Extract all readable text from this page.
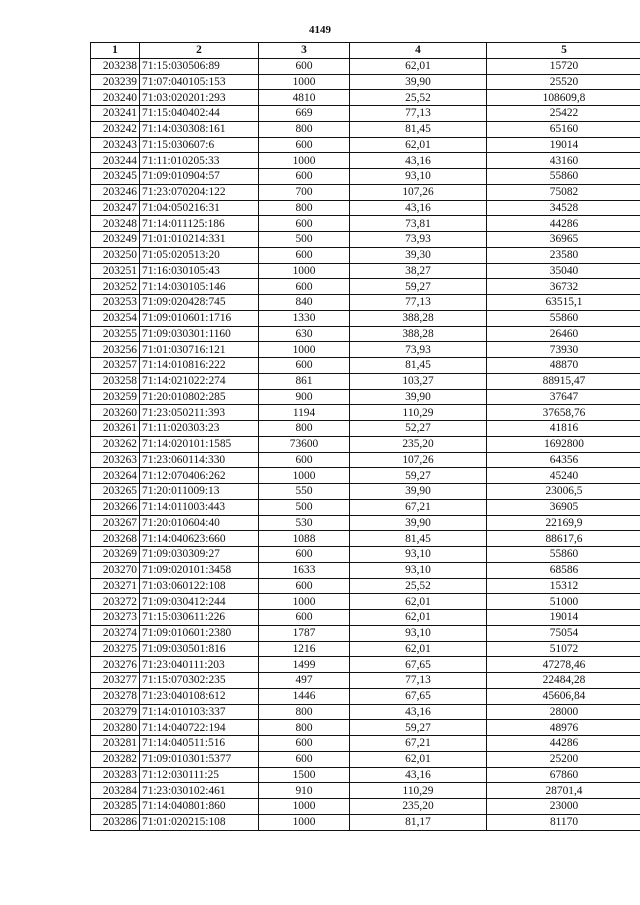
4149
1	2	3	4	5
203238	71:15:030506:89	600	62,01	15720
203239	71:07:040105:153	1000	39,90	25520
203240	71:03:020201:293	4810	25,52	108609,8
203241	71:15:040402:44	669	77,13	25422
203242	71:14:030308:161	800	81,45	65160
203243	71:15:030607:6	600	62,01	19014
203244	71:11:010205:33	1000	43,16	43160
203245	71:09:010904:57	600	93,10	55860
203246	71:23:070204:122	700	107,26	75082
203247	71:04:050216:31	800	43,16	34528
203248	71:14:011125:186	600	73,81	44286
203249	71:01:010214:331	500	73,93	36965
203250	71:05:020513:20	600	39,30	23580
203251	71:16:030105:43	1000	38,27	35040
203252	71:14:030105:146	600	59,27	36732
203253	71:09:020428:745	840	77,13	63515,1
203254	71:09:010601:1716	1330	388,28	55860
203255	71:09:030301:1160	630	388,28	26460
203256	71:01:030716:121	1000	73,93	73930
203257	71:14:010816:222	600	81,45	48870
203258	71:14:021022:274	861	103,27	88915,47
203259	71:20:010802:285	900	39,90	37647
203260	71:23:050211:393	1194	110,29	37658,76
203261	71:11:020303:23	800	52,27	41816
203262	71:14:020101:1585	73600	235,20	1692800
203263	71:23:060114:330	600	107,26	64356
203264	71:12:070406:262	1000	59,27	45240
203265	71:20:011009:13	550	39,90	23006,5
203266	71:14:011003:443	500	67,21	36905
203267	71:20:010604:40	530	39,90	22169,9
203268	71:14:040623:660	1088	81,45	88617,6
203269	71:09:030309:27	600	93,10	55860
203270	71:09:020101:3458	1633	93,10	68586
203271	71:03:060122:108	600	25,52	15312
203272	71:09:030412:244	1000	62,01	51000
203273	71:15:030611:226	600	62,01	19014
203274	71:09:010601:2380	1787	93,10	75054
203275	71:09:030501:816	1216	62,01	51072
203276	71:23:040111:203	1499	67,65	47278,46
203277	71:15:070302:235	497	77,13	22484,28
203278	71:23:040108:612	1446	67,65	45606,84
203279	71:14:010103:337	800	43,16	28000
203280	71:14:040722:194	800	59,27	48976
203281	71:14:040511:516	600	67,21	44286
203282	71:09:010301:5377	600	62,01	25200
203283	71:12:030111:25	1500	43,16	67860
203284	71:23:030102:461	910	110,29	28701,4
203285	71:14:040801:860	1000	235,20	23000
203286	71:01:020215:108	1000	81,17	81170
